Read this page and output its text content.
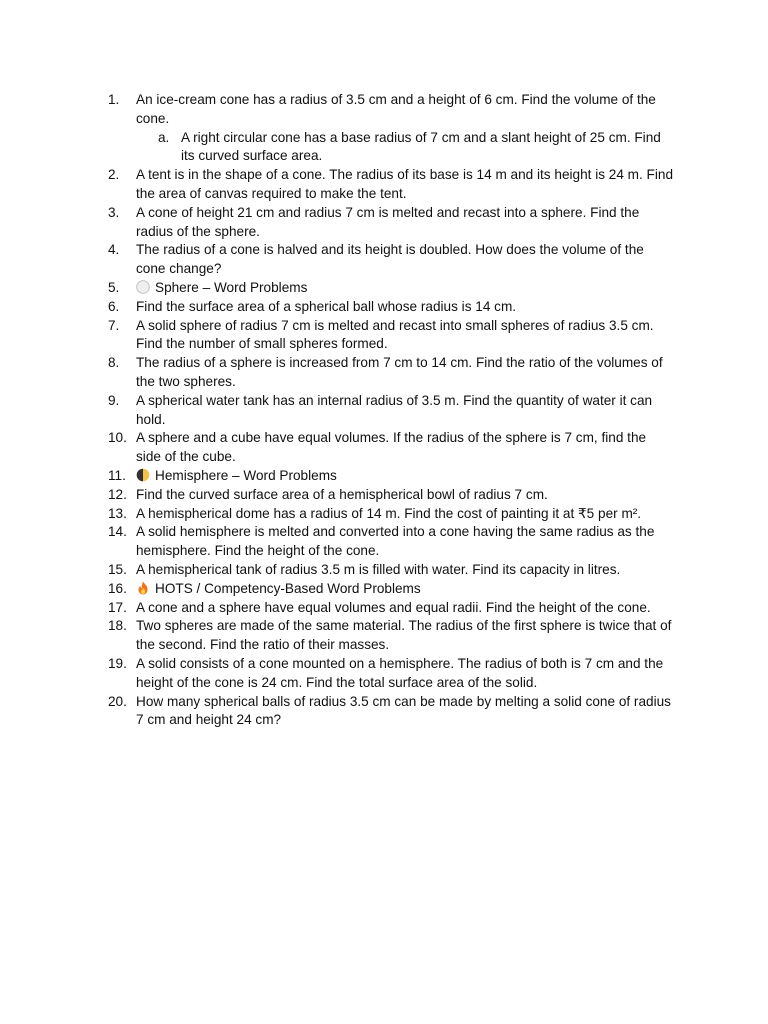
1.	An ice-cream cone has a radius of 3.5 cm and a height of 6 cm. Find the volume of the cone.
a. A right circular cone has a base radius of 7 cm and a slant height of 25 cm. Find its curved surface area.
2.	A tent is in the shape of a cone. The radius of its base is 14 m and its height is 24 m. Find the area of canvas required to make the tent.
3.	A cone of height 21 cm and radius 7 cm is melted and recast into a sphere. Find the radius of the sphere.
4.	The radius of a cone is halved and its height is doubled. How does the volume of the cone change?
5.	Sphere – Word Problems
6.	Find the surface area of a spherical ball whose radius is 14 cm.
7.	A solid sphere of radius 7 cm is melted and recast into small spheres of radius 3.5 cm. Find the number of small spheres formed.
8.	The radius of a sphere is increased from 7 cm to 14 cm. Find the ratio of the volumes of the two spheres.
9.	A spherical water tank has an internal radius of 3.5 m. Find the quantity of water it can hold.
10. A sphere and a cube have equal volumes. If the radius of the sphere is 7 cm, find the side of the cube.
11.	Hemisphere – Word Problems
12. Find the curved surface area of a hemispherical bowl of radius 7 cm.
13. A hemispherical dome has a radius of 14 m. Find the cost of painting it at ₹5 per m².
14. A solid hemisphere is melted and converted into a cone having the same radius as the hemisphere. Find the height of the cone.
15. A hemispherical tank of radius 3.5 m is filled with water. Find its capacity in litres.
16.	HOTS / Competency-Based Word Problems
17. A cone and a sphere have equal volumes and equal radii. Find the height of the cone.
18. Two spheres are made of the same material. The radius of the first sphere is twice that of the second. Find the ratio of their masses.
19. A solid consists of a cone mounted on a hemisphere. The radius of both is 7 cm and the height of the cone is 24 cm. Find the total surface area of the solid.
20. How many spherical balls of radius 3.5 cm can be made by melting a solid cone of radius 7 cm and height 24 cm?
